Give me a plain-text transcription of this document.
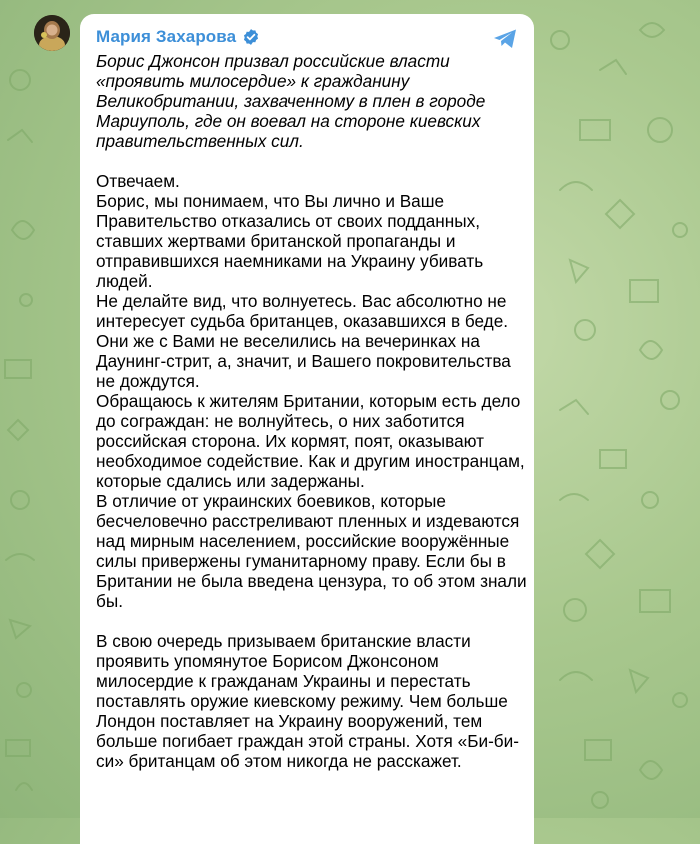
Мария Захарова

Борис Джонсон призвал российские власти «проявить милосердие» к гражданину Великобритании, захваченному в плен в городе Мариуполь, где он воевал на стороне киевских правительственных сил.

Отвечаем.

Борис, мы понимаем, что Вы лично и Ваше Правительство отказались от своих подданных, ставших жертвами британской пропаганды и отправившихся наемниками на Украину убивать людей.

Не делайте вид, что волнуетесь. Вас абсолютно не интересует судьба британцев, оказавшихся в беде. Они же с Вами не веселились на вечеринках на Даунинг-стрит, а, значит, и Вашего покровительства не дождутся.

Обращаюсь к жителям Британии, которым есть дело до сограждан: не волнуйтесь, о них заботится российская сторона. Их кормят, поят, оказывают необходимое содействие. Как и другим иностранцам, которые сдались или задержаны.

В отличие от украинских боевиков, которые бесчеловечно расстреливают пленных и издеваются над мирным населением, российские вооружённые силы привержены гуманитарному праву. Если бы в Британии не была введена цензура, то об этом знали бы.

В свою очередь призываем британские власти проявить упомянутое Борисом Джонсоном милосердие к гражданам Украины и перестать поставлять оружие киевскому режиму. Чем больше Лондон поставляет на Украину вооружений, тем больше погибает граждан этой страны. Хотя «Би-би-си» британцам об этом никогда не расскажет.
